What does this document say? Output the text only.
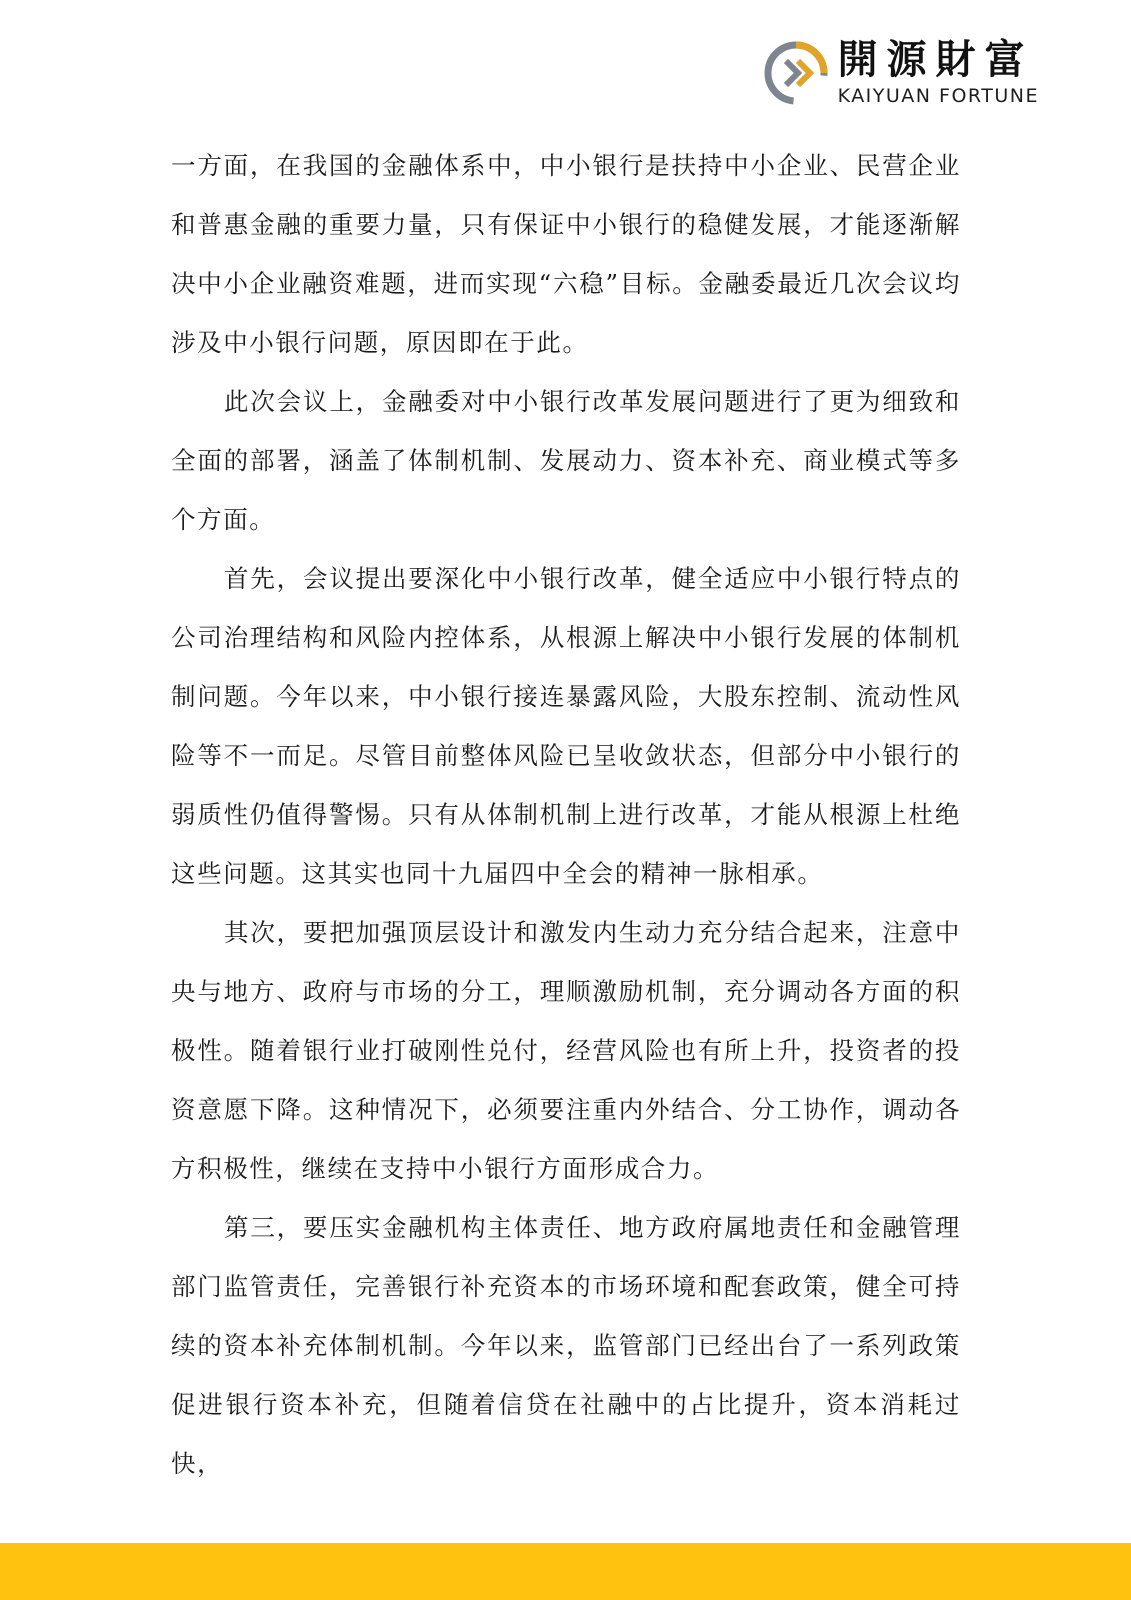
開源財富
KAIYUAN FORTUNE

一方面，在我国的金融体系中，中小银行是扶持中小企业、民营企业和普惠金融的重要力量，只有保证中小银行的稳健发展，才能逐渐解决中小企业融资难题，进而实现“六稳”目标。金融委最近几次会议均涉及中小银行问题，原因即在于此。

此次会议上，金融委对中小银行改革发展问题进行了更为细致和全面的部署，涵盖了体制机制、发展动力、资本补充、商业模式等多个方面。

首先，会议提出要深化中小银行改革，健全适应中小银行特点的公司治理结构和风险内控体系，从根源上解决中小银行发展的体制机制问题。今年以来，中小银行接连暴露风险，大股东控制、流动性风险等不一而足。尽管目前整体风险已呈收敛状态，但部分中小银行的弱质性仍值得警惕。只有从体制机制上进行改革，才能从根源上杜绝这些问题。这其实也同十九届四中全会的精神一脉相承。

其次，要把加强顶层设计和激发内生动力充分结合起来，注意中央与地方、政府与市场的分工，理顺激励机制，充分调动各方面的积极性。随着银行业打破刚性兑付，经营风险也有所上升，投资者的投资意愿下降。这种情况下，必须要注重内外结合、分工协作，调动各方积极性，继续在支持中小银行方面形成合力。

第三，要压实金融机构主体责任、地方政府属地责任和金融管理部门监管责任，完善银行补充资本的市场环境和配套政策，健全可持续的资本补充体制机制。今年以来，监管部门已经出台了一系列政策促进银行资本补充，但随着信贷在社融中的占比提升，资本消耗过快，
